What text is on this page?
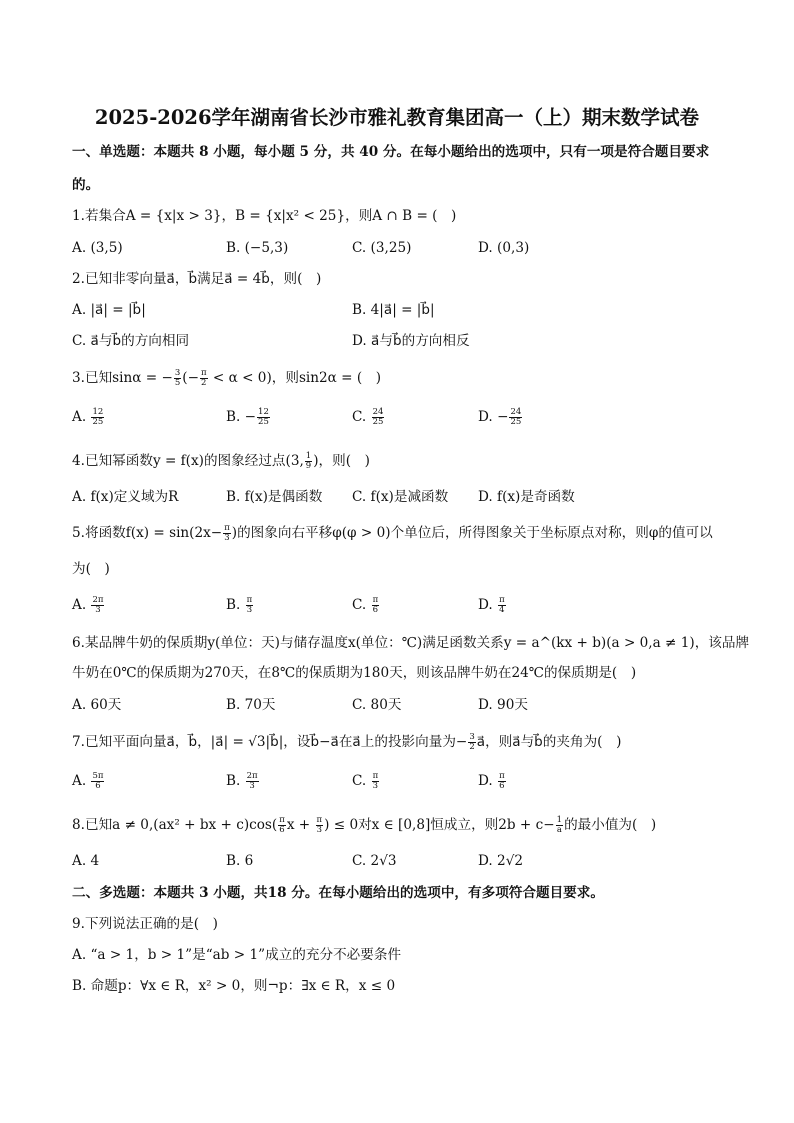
2025-2026学年湖南省长沙市雅礼教育集团高一（上）期末数学试卷
一、单选题：本题共 8 小题，每小题 5 分，共 40 分。在每小题给出的选项中，只有一项是符合题目要求
的。
1.若集合A = {x|x > 3}，B = {x|x² < 25}，则A ∩ B = (　)
A. (3,5)	B. (−5,3)	C. (3,25)	D. (0,3)
2.已知非零向量a⃗，b⃗满足a⃗ = 4b⃗，则(　)
A. |a⃗| = |b⃗|	B. 4|a⃗| = |b⃗|
C. a⃗与b⃗的方向相同	D. a⃗与b⃗的方向相反
3.已知sinα = − $\frac{3}{5}$ (− $\frac{\pi}{2} < \alpha < 0$)，则sin2α = (　)
A. $\frac{12}{25}$	B. − $\frac{12}{25}$	C. $\frac{24}{25}$	D. − $\frac{24}{25}$
4.已知幂函数y = f(x)的图象经过点(3, $\frac{1}{9}$ )，则(　)
A. f(x)定义域为R	B. f(x)是偶函数 C. f(x)是减函数 D. f(x)是奇函数
5.将函数$f(x) = \sin(2x- \frac{\pi}{3}$ )的图象向右平移φ(φ > 0)个单位后，所得图象关于坐标原点对称，则φ的值可以
为(　)
A. $\frac{2\pi}{3}$	B. $\frac{\pi}{3}$	C. $\frac{\pi}{6}$	D. $\frac{\pi}{4}$
6.某品牌牛奶的保质期y(单位：天)与储存温度x(单位：℃)满足函数关系y = a^(kx + b)(a > 0,a ≠ 1)，该品牌
牛奶在0℃的保质期为270天，在8℃的保质期为180天，则该品牌牛奶在24℃的保质期是(　)
A. 60天	B. 70天	C. 80天	D. 90天
7.已知平面向量a⃗，b⃗，|a⃗| = √3|b⃗|，设b⃗−a⃗在a⃗上的投影向量为− $\frac{3}{2}$ a⃗，则a⃗与b⃗的夹角为(　)
A. $\frac{5\pi}{6}$	B. $\frac{2\pi}{3}$	C. $\frac{\pi}{3}$	D. $\frac{\pi}{6}$
8.已知a ≠ 0,(ax² + bx + $c)\cos( \frac{\pi}{6}$ $x + \frac{\pi}{3}$ ) ≤ 0对x ∈ [0,8]恒成立，则$2b + c- \frac{1}{a}$ 的最小值为(　)
A. 4	B. 6	C. 2√3	D. 2√2
二、多选题：本题共 3 小题，共18 分。在每小题给出的选项中，有多项符合题目要求。
9.下列说法正确的是(　)
A. “a > 1，b > 1”是“ab > 1”成立的充分不必要条件
B. 命题p：∀x ∈ R，x² > 0，则¬p：∃x ∈ R，x ≤ 0
